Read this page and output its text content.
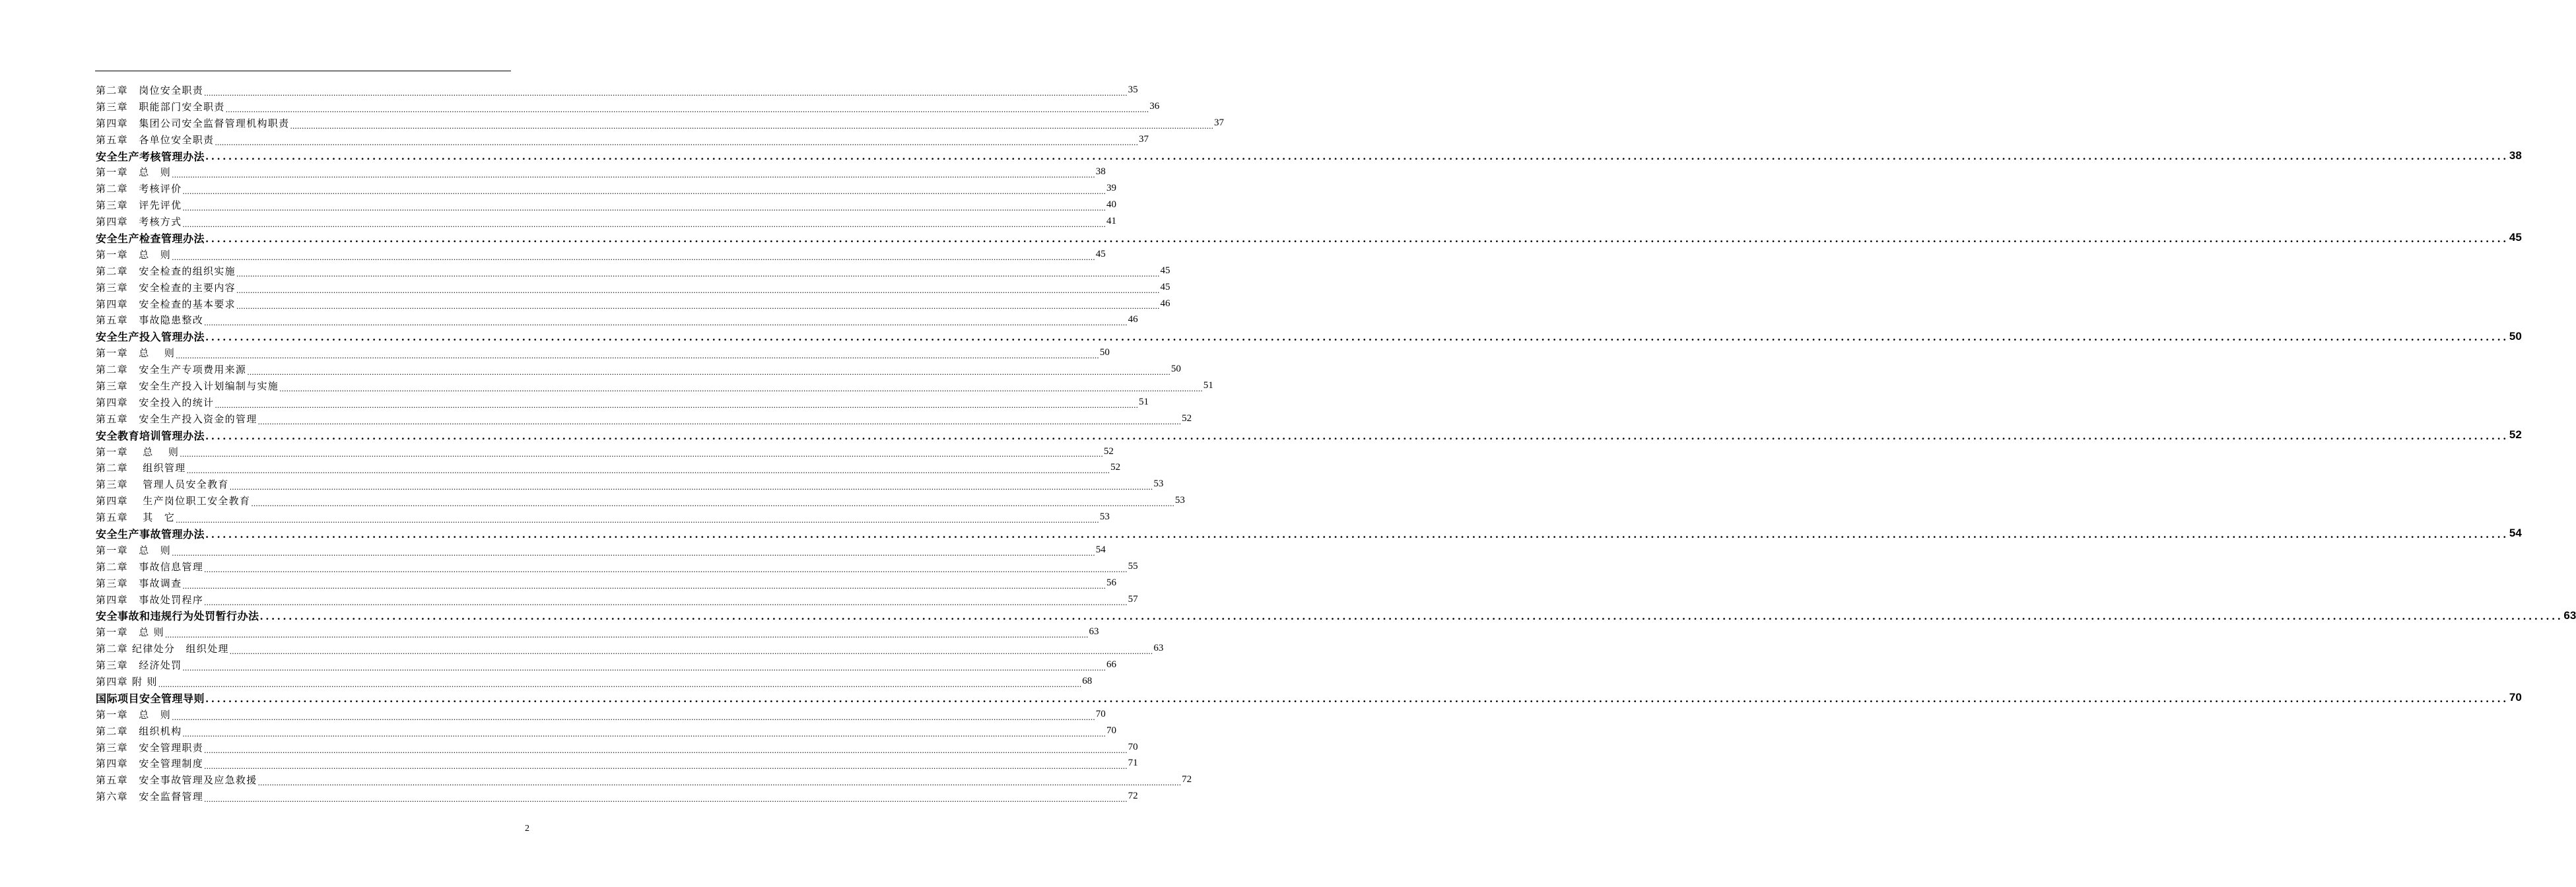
第二章　岗位安全职责 ................................................................................................................................................................................................................................................................................................................................................................................................................ 35
第三章　职能部门安全职责 ................................................................................................................................................................................................................................................................................................................................................................................................................ 36
第四章　集团公司安全监督管理机构职责 ................................................................................................................................................................................................................................................................................................................................................................................................................ 37
第五章　各单位安全职责 ................................................................................................................................................................................................................................................................................................................................................................................................................ 37
安全生产考核管理办法 ................................................................................................................................................................................................................................................................................................................................................................................................................ 38
第一章　总　则 ................................................................................................................................................................................................................................................................................................................................................................................................................ 38
第二章　考核评价 ................................................................................................................................................................................................................................................................................................................................................................................................................ 39
第三章　评先评优 ................................................................................................................................................................................................................................................................................................................................................................................................................ 40
第四章　考核方式 ................................................................................................................................................................................................................................................................................................................................................................................................................ 41
安全生产检查管理办法 ................................................................................................................................................................................................................................................................................................................................................................................................................ 45
第一章　总　则 ................................................................................................................................................................................................................................................................................................................................................................................................................ 45
第二章　安全检查的组织实施 ................................................................................................................................................................................................................................................................................................................................................................................................................ 45
第三章　安全检查的主要内容 ................................................................................................................................................................................................................................................................................................................................................................................................................ 45
第四章　安全检查的基本要求 ................................................................................................................................................................................................................................................................................................................................................................................................................ 46
第五章　事故隐患整改 ................................................................................................................................................................................................................................................................................................................................................................................................................ 46
安全生产投入管理办法 ................................................................................................................................................................................................................................................................................................................................................................................................................ 50
第一章　总　 则 ................................................................................................................................................................................................................................................................................................................................................................................................................ 50
第二章　安全生产专项费用来源 ................................................................................................................................................................................................................................................................................................................................................................................................................ 50
第三章　安全生产投入计划编制与实施 ................................................................................................................................................................................................................................................................................................................................................................................................................ 51
第四章　安全投入的统计 ................................................................................................................................................................................................................................................................................................................................................................................................................ 51
第五章　安全生产投入资金的管理 ................................................................................................................................................................................................................................................................................................................................................................................................................ 52
安全教育培训管理办法 ................................................................................................................................................................................................................................................................................................................................................................................................................ 52
第一章　 总　 则 ................................................................................................................................................................................................................................................................................................................................................................................................................ 52
第二章　 组织管理 ................................................................................................................................................................................................................................................................................................................................................................................................................ 52
第三章　 管理人员安全教育 ................................................................................................................................................................................................................................................................................................................................................................................................................ 53
第四章　 生产岗位职工安全教育 ................................................................................................................................................................................................................................................................................................................................................................................................................ 53
第五章　 其　它 ................................................................................................................................................................................................................................................................................................................................................................................................................ 53
安全生产事故管理办法 ................................................................................................................................................................................................................................................................................................................................................................................................................ 54
第一章　总　则 ................................................................................................................................................................................................................................................................................................................................................................................................................ 54
第二章　事故信息管理 ................................................................................................................................................................................................................................................................................................................................................................................................................ 55
第三章　事故调查 ................................................................................................................................................................................................................................................................................................................................................................................................................ 56
第四章　事故处罚程序 ................................................................................................................................................................................................................................................................................................................................................................................................................ 57
安全事故和违规行为处罚暂行办法 ................................................................................................................................................................................................................................................................................................................................................................................................................ 63
第一章　总 则 ................................................................................................................................................................................................................................................................................................................................................................................................................ 63
第二章 纪律处分　组织处理 ................................................................................................................................................................................................................................................................................................................................................................................................................ 63
第三章　经济处罚 ................................................................................................................................................................................................................................................................................................................................................................................................................ 66
第四章 附 则 ................................................................................................................................................................................................................................................................................................................................................................................................................ 68
国际项目安全管理导则 ................................................................................................................................................................................................................................................................................................................................................................................................................ 70
第一章　总　则 ................................................................................................................................................................................................................................................................................................................................................................................................................ 70
第二章　组织机构 ................................................................................................................................................................................................................................................................................................................................................................................................................ 70
第三章　安全管理职责 ................................................................................................................................................................................................................................................................................................................................................................................................................ 70
第四章　安全管理制度 ................................................................................................................................................................................................................................................................................................................................................................................................................ 71
第五章　安全事故管理及应急救援 ................................................................................................................................................................................................................................................................................................................................................................................................................ 72
第六章　安全监督管理 ................................................................................................................................................................................................................................................................................................................................................................................................................ 72
2
